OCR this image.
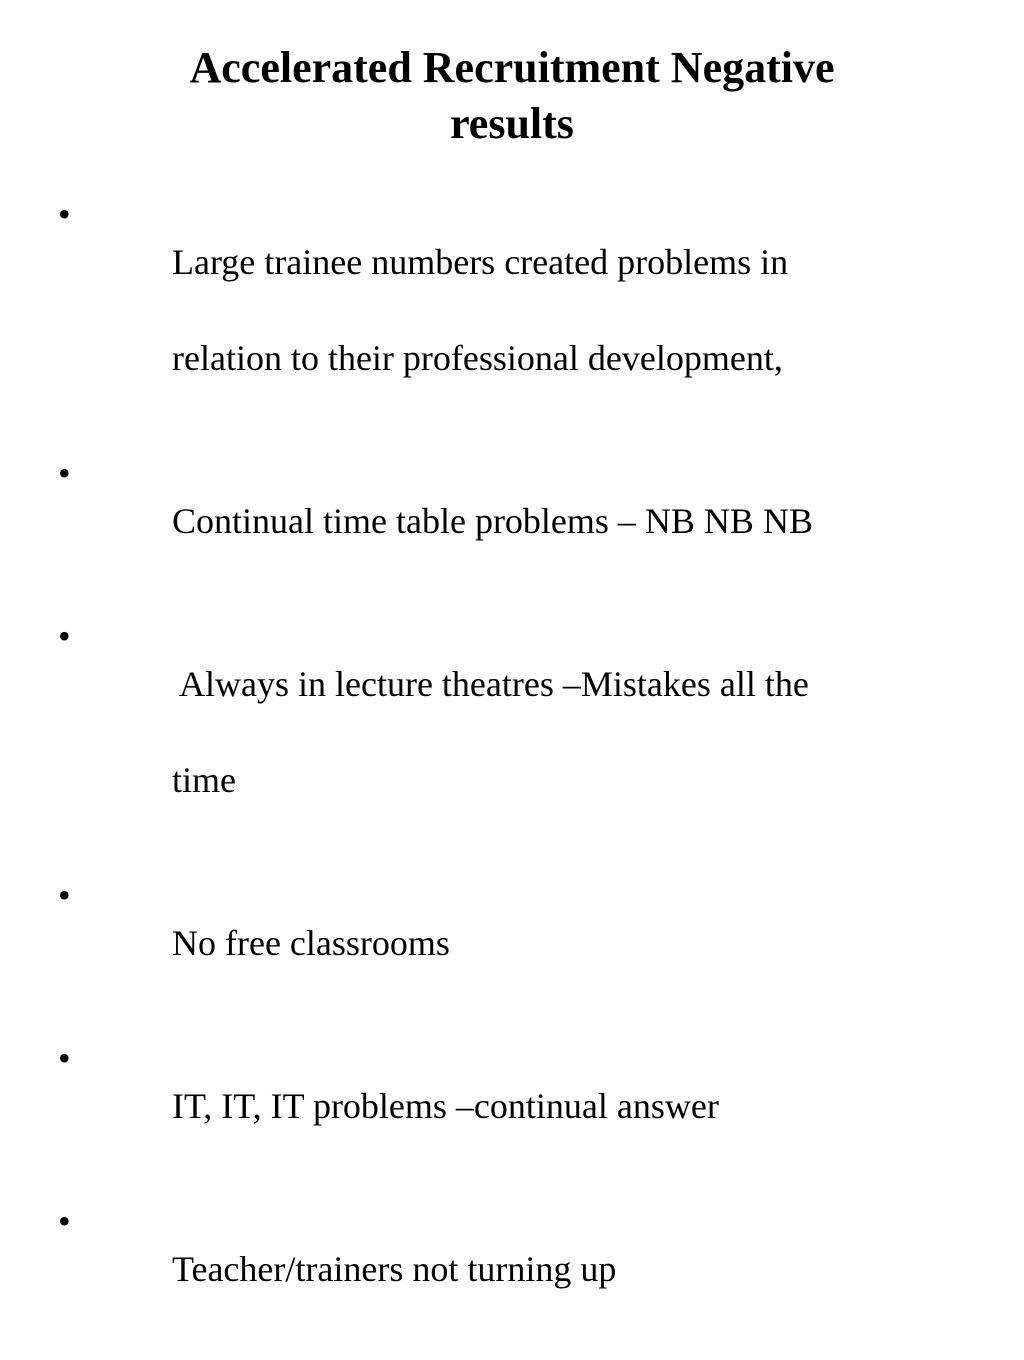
Accelerated Recruitment Negative
results
•

Large trainee numbers created problems in

relation to their professional development,

•

Continual time table problems – NB NB NB

•

Always in lecture theatres –Mistakes all the

time

•

No free classrooms

•

IT, IT, IT problems –continual answer

•

Teacher/trainers not turning up
